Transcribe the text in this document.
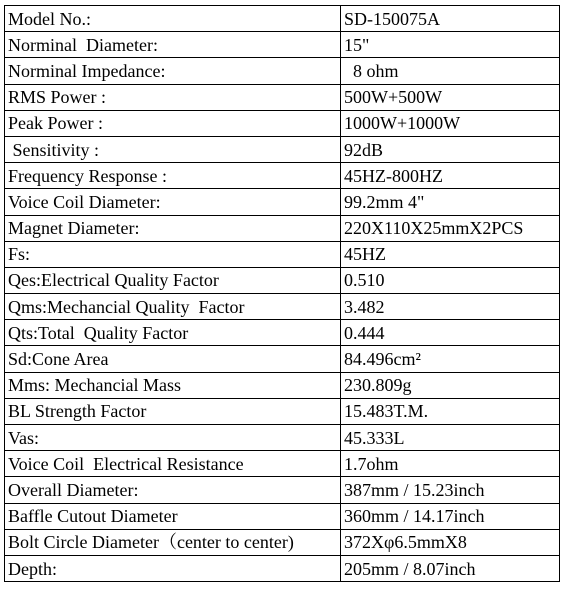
Model No.:	SD-150075A
Norminal  Diameter:	15"
Norminal Impedance:	8 ohm
RMS Power :	500W+500W
Peak Power :	1000W+1000W
Sensitivity :	92dB
Frequency Response :	45HZ-800HZ
Voice Coil Diameter:	99.2mm 4"
Magnet Diameter:	220X110X25mmX2PCS
Fs:	45HZ
Qes:Electrical Quality Factor	0.510
Qms:Mechancial Quality  Factor	3.482
Qts:Total  Quality Factor	0.444
Sd:Cone Area	84.496cm²
Mms: Mechancial Mass	230.809g
BL Strength Factor	15.483T.M.
Vas:	45.333L
Voice Coil  Electrical Resistance	1.7ohm
Overall Diameter:	387mm / 15.23inch
Baffle Cutout Diameter	360mm / 14.17inch
Bolt Circle Diameter（center to center)	372Xφ6.5mmX8
Depth:	205mm / 8.07inch
